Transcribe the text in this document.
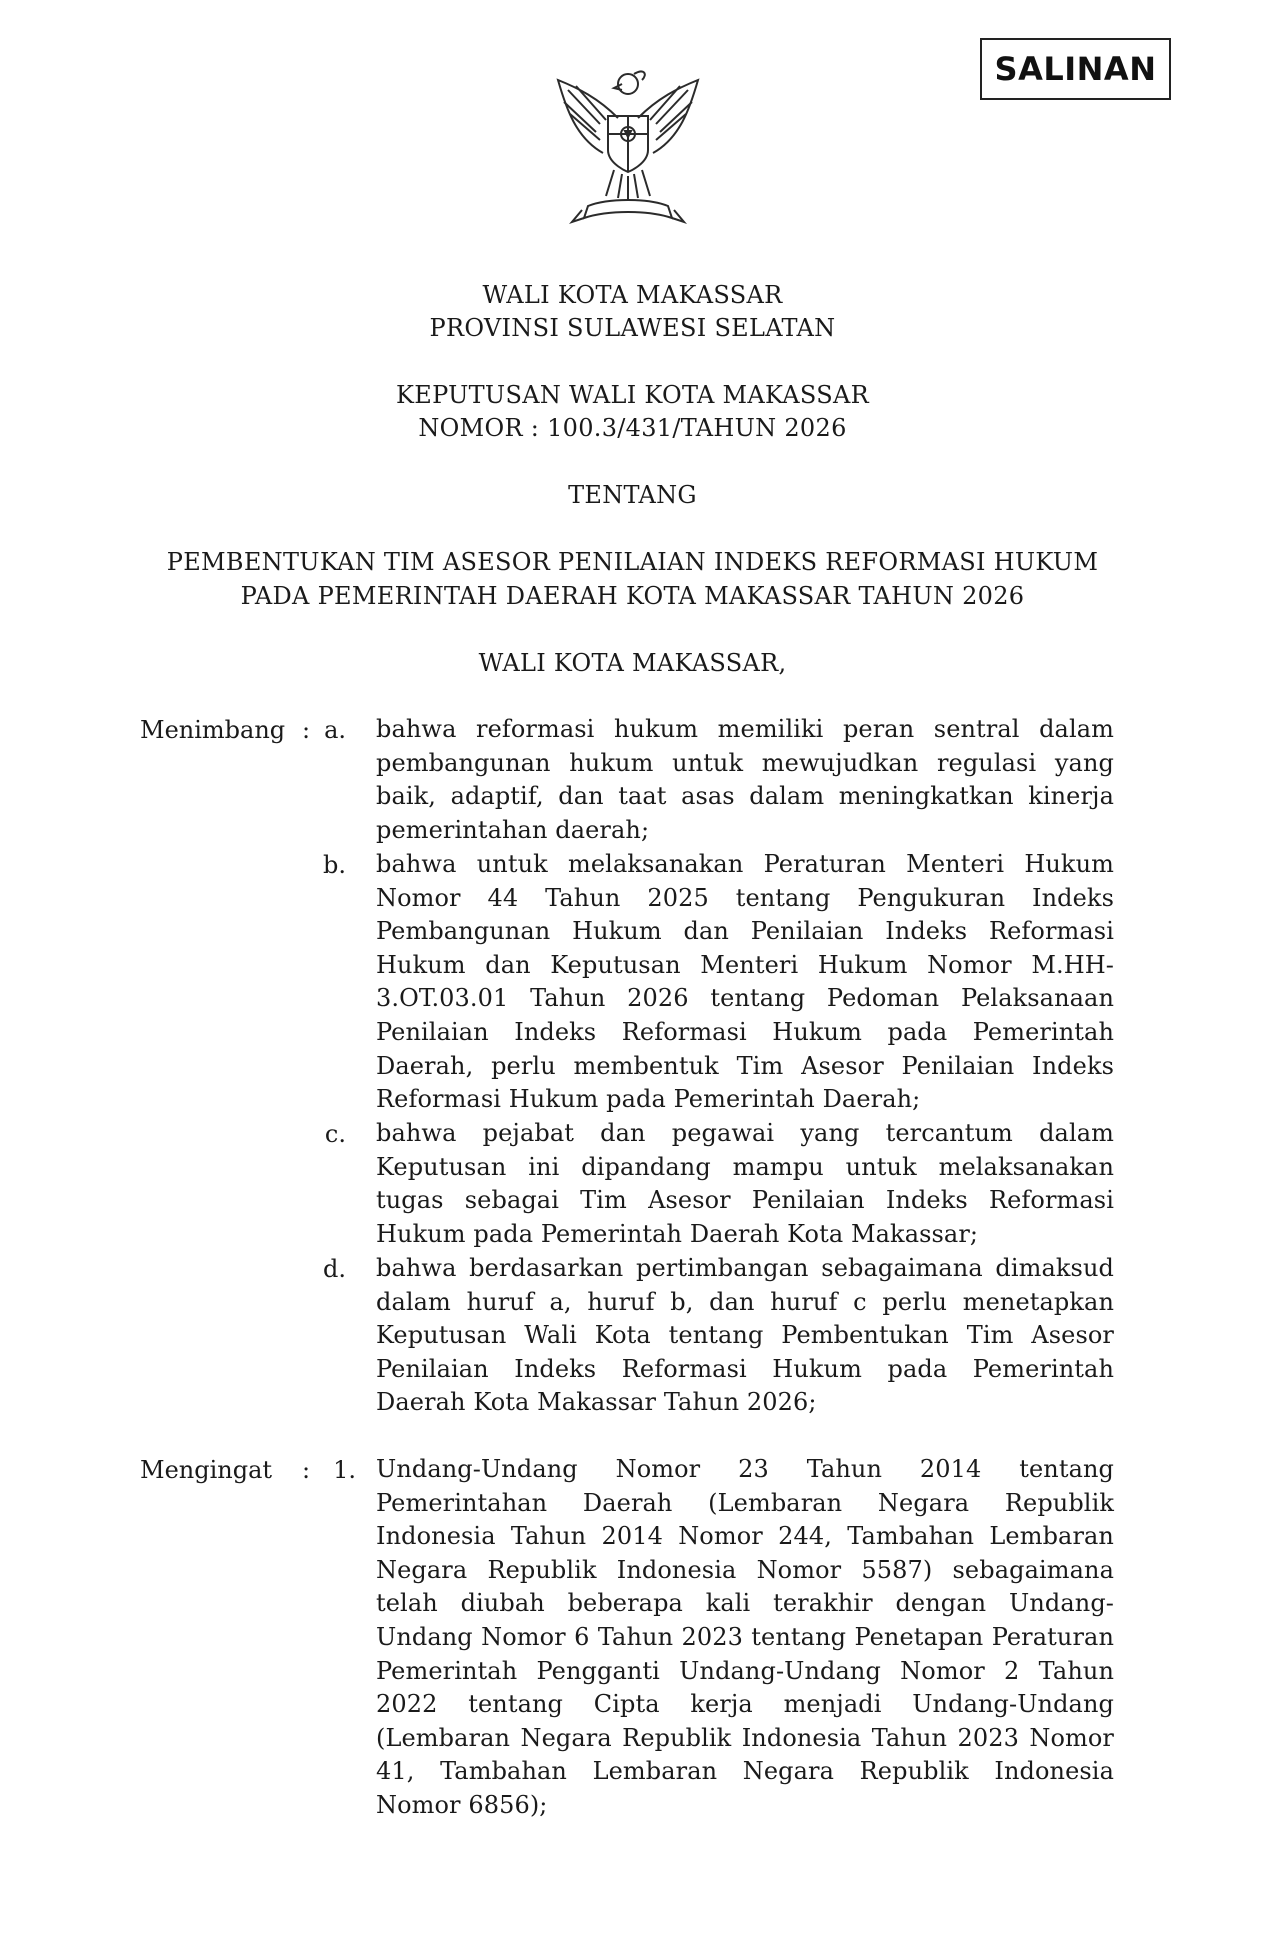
SALINAN
WALI KOTA MAKASSAR
PROVINSI SULAWESI SELATAN
KEPUTUSAN WALI KOTA MAKASSAR
NOMOR : 100.3/431/TAHUN 2026
TENTANG
PEMBENTUKAN TIM ASESOR PENILAIAN INDEKS REFORMASI HUKUM
PADA PEMERINTAH DAERAH KOTA MAKASSAR TAHUN 2026
WALI KOTA MAKASSAR,
Menimbang : a. bahwa reformasi hukum memiliki peran sentral dalam pembangunan hukum untuk mewujudkan regulasi yang baik, adaptif, dan taat asas dalam meningkatkan kinerja pemerintahan daerah;
b. bahwa untuk melaksanakan Peraturan Menteri Hukum Nomor 44 Tahun 2025 tentang Pengukuran Indeks Pembangunan Hukum dan Penilaian Indeks Reformasi Hukum dan Keputusan Menteri Hukum Nomor M.HH-3.OT.03.01 Tahun 2026 tentang Pedoman Pelaksanaan Penilaian Indeks Reformasi Hukum pada Pemerintah Daerah, perlu membentuk Tim Asesor Penilaian Indeks Reformasi Hukum pada Pemerintah Daerah;
c. bahwa pejabat dan pegawai yang tercantum dalam Keputusan ini dipandang mampu untuk melaksanakan tugas sebagai Tim Asesor Penilaian Indeks Reformasi Hukum pada Pemerintah Daerah Kota Makassar;
d. bahwa berdasarkan pertimbangan sebagaimana dimaksud dalam huruf a, huruf b, dan huruf c perlu menetapkan Keputusan Wali Kota tentang Pembentukan Tim Asesor Penilaian Indeks Reformasi Hukum pada Pemerintah Daerah Kota Makassar Tahun 2026;
Mengingat : 1. Undang-Undang Nomor 23 Tahun 2014 tentang Pemerintahan Daerah (Lembaran Negara Republik Indonesia Tahun 2014 Nomor 244, Tambahan Lembaran Negara Republik Indonesia Nomor 5587) sebagaimana telah diubah beberapa kali terakhir dengan Undang-Undang Nomor 6 Tahun 2023 tentang Penetapan Peraturan Pemerintah Pengganti Undang-Undang Nomor 2 Tahun 2022 tentang Cipta kerja menjadi Undang-Undang (Lembaran Negara Republik Indonesia Tahun 2023 Nomor 41, Tambahan Lembaran Negara Republik Indonesia Nomor 6856);
